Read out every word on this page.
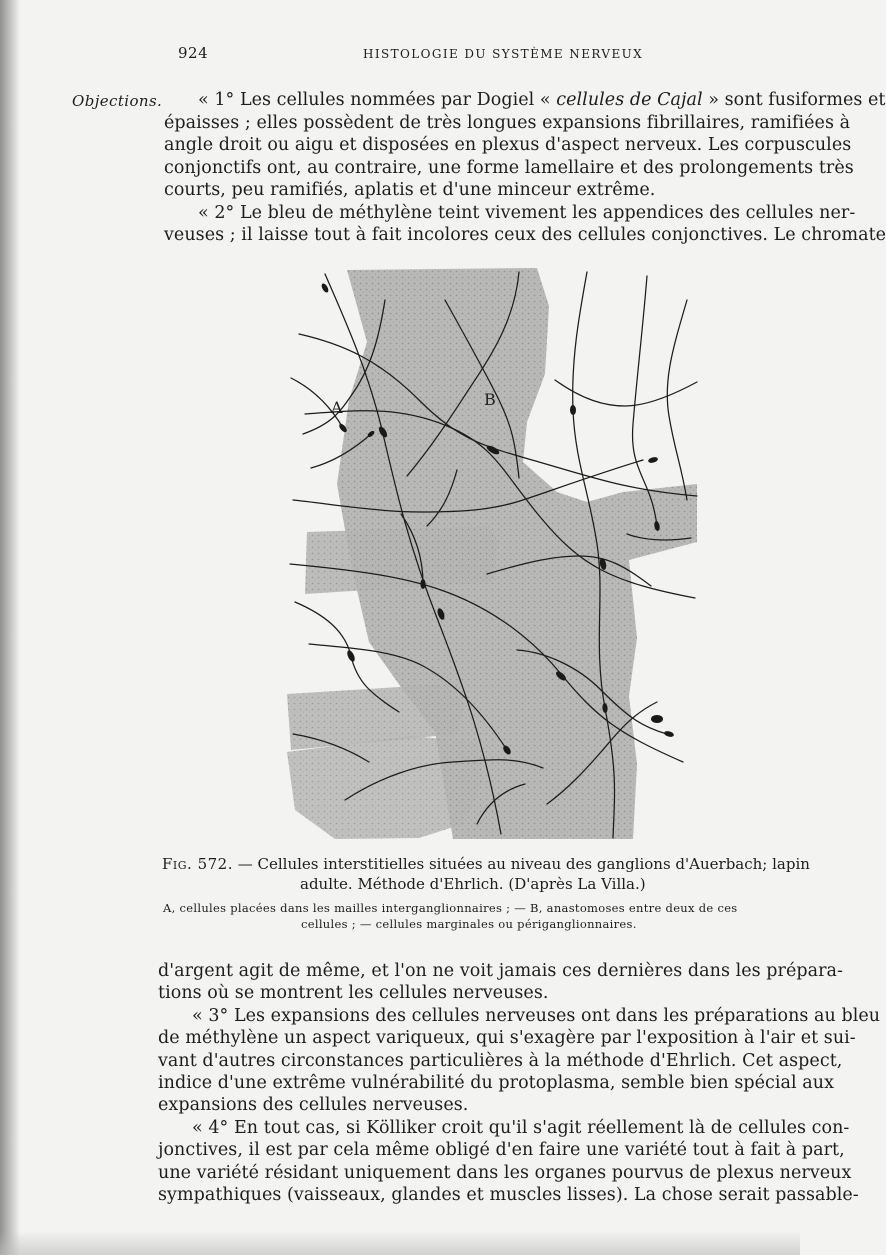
924	HISTOLOGIE DU SYSTÈME NERVEUX
Objections.	« 1° Les cellules nommées par Dogiel « cellules de Cajal » sont fusiformes et
épaisses ; elles possèdent de très longues expansions fibrillaires, ramifiées à
angle droit ou aigu et disposées en plexus d'aspect nerveux. Les corpuscules
conjonctifs ont, au contraire, une forme lamellaire et des prolongements très
courts, peu ramifiés, aplatis et d'une minceur extrême.
« 2° Le bleu de méthylène teint vivement les appendices des cellules ner-
veuses ; il laisse tout à fait incolores ceux des cellules conjonctives. Le chromate
A	B
Fig. 572. — Cellules interstitielles situées au niveau des ganglions d'Auerbach; lapin
adulte. Méthode d'Ehrlich. (D'après La Villa.)
A, cellules placées dans les mailles interganglionnaires ; — B, anastomoses entre deux de ces
cellules ; — cellules marginales ou périganglionnaires.
d'argent agit de même, et l'on ne voit jamais ces dernières dans les prépara-
tions où se montrent les cellules nerveuses.
« 3° Les expansions des cellules nerveuses ont dans les préparations au bleu
de méthylène un aspect variqueux, qui s'exagère par l'exposition à l'air et sui-
vant d'autres circonstances particulières à la méthode d'Ehrlich. Cet aspect,
indice d'une extrême vulnérabilité du protoplasma, semble bien spécial aux
expansions des cellules nerveuses.
« 4° En tout cas, si Kölliker croit qu'il s'agit réellement là de cellules con-
jonctives, il est par cela même obligé d'en faire une variété tout à fait à part,
une variété résidant uniquement dans les organes pourvus de plexus nerveux
sympathiques (vaisseaux, glandes et muscles lisses). La chose serait passable-
